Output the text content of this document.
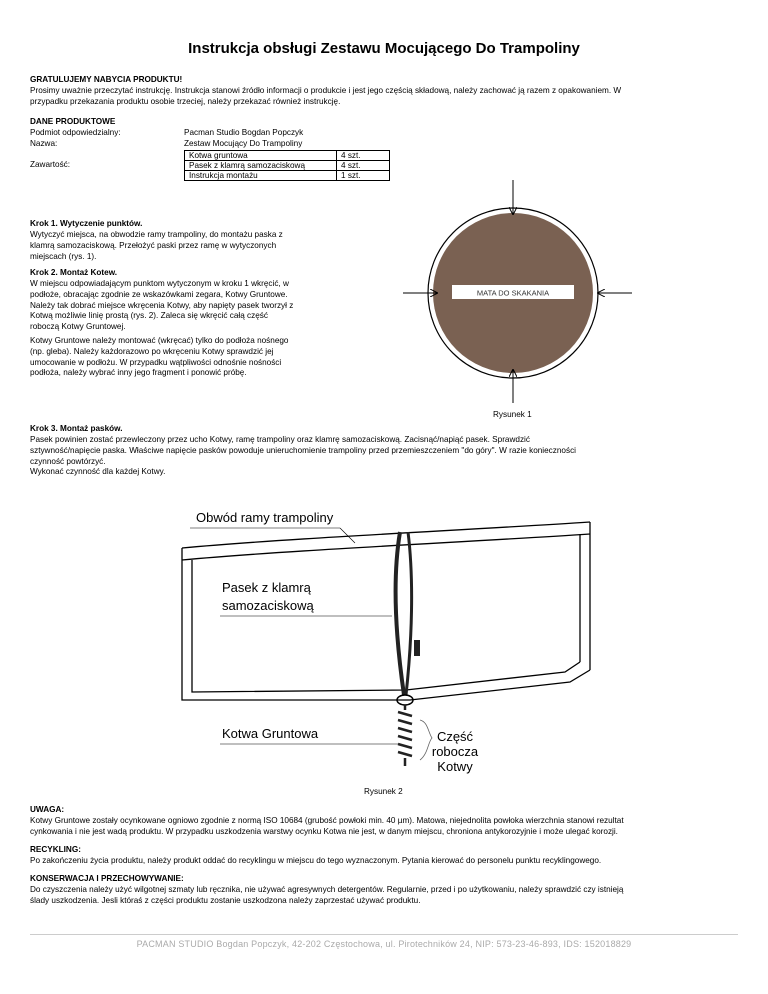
Instrukcja obsługi Zestawu Mocującego Do Trampoliny
GRATULUJEMY NABYCIA PRODUKTU!
Prosimy uważnie przeczytać instrukcję. Instrukcja stanowi źródło informacji o produkcie i jest jego częścią składową, należy zachować ją razem z opakowaniem. W
przypadku przekazania produktu osobie trzeciej, należy przekazać również instrukcję.
DANE PRODUKTOWE
Podmiot odpowiedzialny:	Pacman Studio Bogdan Popczyk
Nazwa:	Zestaw Mocujący Do Trampoliny
Zawartość:
Kotwa gruntowa	4 szt.
Pasek z klamrą samozaciskową	4 szt.
Instrukcja montażu	1 szt.
Krok 1. Wytyczenie punktów.
Wytyczyć miejsca, na obwodzie ramy trampoliny, do montażu paska z
klamrą samozaciskową. Przełożyć paski przez ramę w wytyczonych
miejscach (rys. 1).
Krok 2. Montaż Kotew.
W miejscu odpowiadającym punktom wytyczonym w kroku 1 wkręcić, w
podłoże, obracając zgodnie ze wskazówkami zegara, Kotwy Gruntowe.
Należy tak dobrać miejsce wkręcenia Kotwy, aby napięty pasek tworzył z
Kotwą możliwie linię prostą (rys. 2). Zaleca się wkręcić całą część
roboczą Kotwy Gruntowej.
Kotwy Gruntowe należy montować (wkręcać) tylko do podłoża nośnego
(np. gleba). Należy każdorazowo po wkręceniu Kotwy sprawdzić jej
umocowanie w podłożu. W przypadku wątpliwości odnośnie nośności
podłoża, należy wybrać inny jego fragment i ponowić próbę.
MATA DO SKAKANIA
Rysunek 1
Krok 3. Montaż pasków.
Pasek powinien zostać przewleczony przez ucho Kotwy, ramę trampoliny oraz klamrę samozaciskową. Zacisnąć/napiąć pasek. Sprawdzić
sztywność/napięcie paska. Właściwe napięcie pasków powoduje unieruchomienie trampoliny przed przemieszczeniem "do góry". W razie konieczności
czynność powtórzyć.
Wykonać czynność dla każdej Kotwy.
Obwód ramy trampoliny
Pasek z klamrą
samozaciskową
Kotwa Gruntowa	Część
robocza
Kotwy
Rysunek 2
UWAGA:
Kotwy Gruntowe zostały ocynkowane ogniowo zgodnie z normą ISO 10684 (grubość powłoki min. 40 µm). Matowa, niejednolita powłoka wierzchnia stanowi rezultat
cynkowania i nie jest wadą produktu. W przypadku uszkodzenia warstwy ocynku Kotwa nie jest, w danym miejscu, chroniona antykorozyjnie i może ulegać korozji.
RECYKLING:
Po zakończeniu życia produktu, należy produkt oddać do recyklingu w miejscu do tego wyznaczonym. Pytania kierować do personelu punktu recyklingowego.
KONSERWACJA I PRZECHOWYWANIE:
Do czyszczenia należy użyć wilgotnej szmaty lub ręcznika, nie używać agresywnych detergentów. Regularnie, przed i po użytkowaniu, należy sprawdzić czy istnieją
ślady uszkodzenia. Jesli któraś z części produktu zostanie uszkodzona należy zaprzestać używać produktu.
PACMAN STUDIO Bogdan Popczyk, 42-202 Częstochowa, ul. Pirotechników 24, NIP: 573-23-46-893, IDS: 152018829
